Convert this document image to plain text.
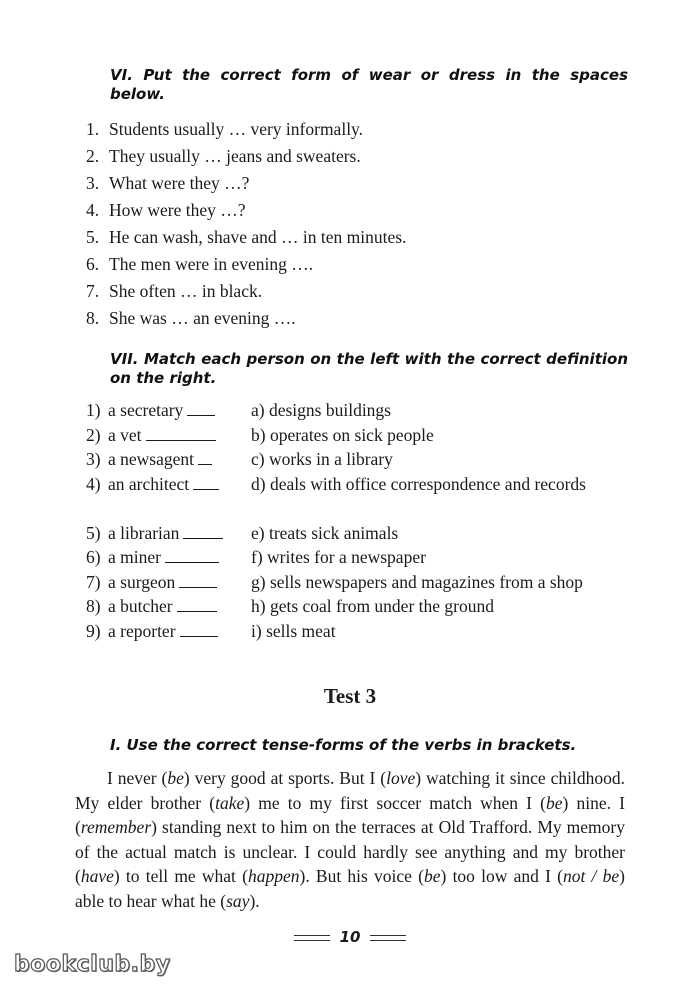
VI. Put the correct form of wear or dress in the spaces below.
1. Students usually … very informally.
2. They usually … jeans and sweaters.
3. What were they …?
4. How were they …?
5. He can wash, shave and … in ten minutes.
6. The men were in evening ….
7. She often … in black.
8. She was … an evening ….
VII. Match each person on the left with the correct definition on the right.
1) a secretary	a) designs buildings
2) a vet	b) operates on sick people
3) a newsagent	c) works in a library
4) an architect	d) deals with office correspondence and records
5) a librarian	e) treats sick animals
6) a miner	f) writes for a newspaper
7) a surgeon	g) sells newspapers and magazines from a shop
8) a butcher	h) gets coal from under the ground
9) a reporter	i) sells meat
Test 3
I. Use the correct tense-forms of the verbs in brackets.
I never (be) very good at sports. But I (love) watching it since childhood. My elder brother (take) me to my first soccer match when I (be) nine. I (remember) standing next to him on the terraces at Old Trafford. My memory of the actual match is unclear. I could hardly see anything and my brother (have) to tell me what (happen). But his voice (be) too low and I (not / be) able to hear what he (say).
10
bookclub.by
